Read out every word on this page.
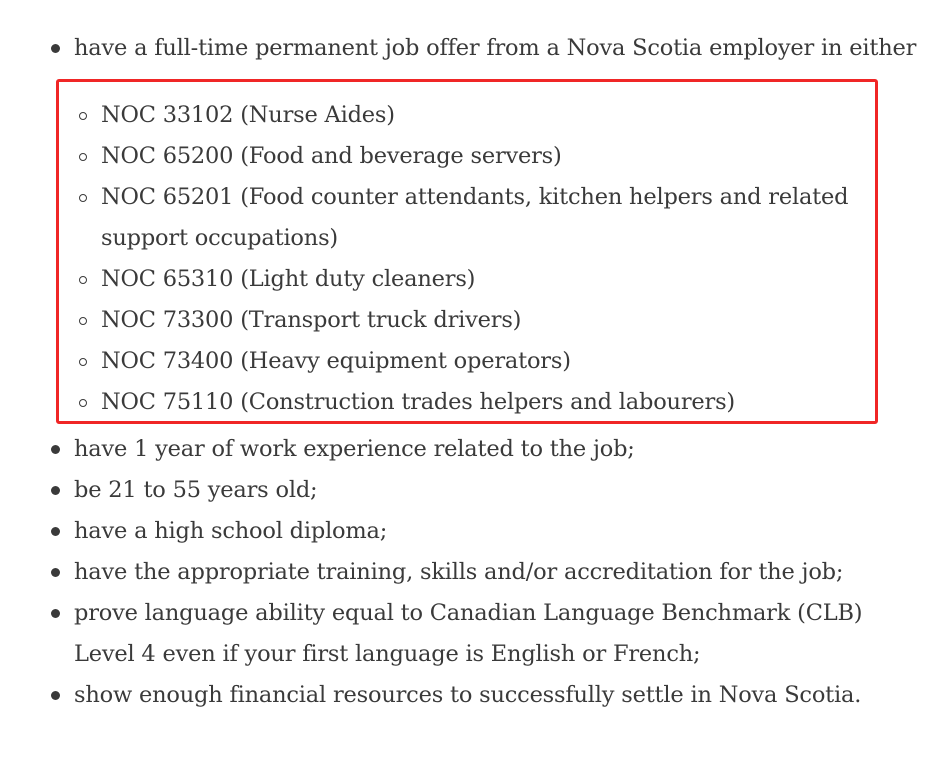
have a full-time permanent job offer from a Nova Scotia employer in either
NOC 33102 (Nurse Aides)
NOC 65200 (Food and beverage servers)
NOC 65201 (Food counter attendants, kitchen helpers and related support occupations)
NOC 65310 (Light duty cleaners)
NOC 73300 (Transport truck drivers)
NOC 73400 (Heavy equipment operators)
NOC 75110 (Construction trades helpers and labourers)
have 1 year of work experience related to the job;
be 21 to 55 years old;
have a high school diploma;
have the appropriate training, skills and/or accreditation for the job;
prove language ability equal to Canadian Language Benchmark (CLB) Level 4 even if your first language is English or French;
show enough financial resources to successfully settle in Nova Scotia.
